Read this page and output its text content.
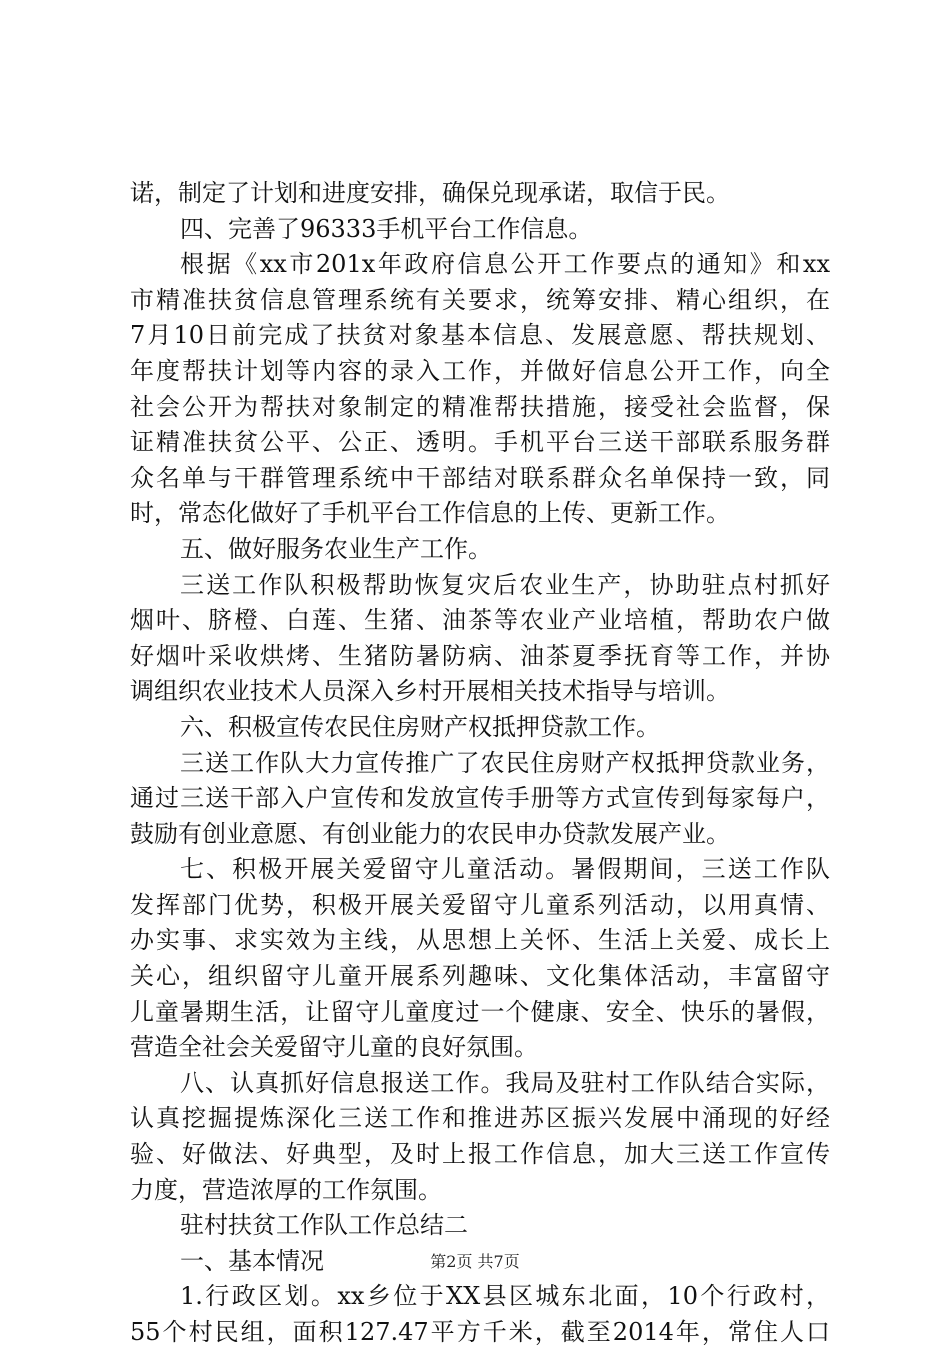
诺，制定了计划和进度安排，确保兑现承诺，取信于民。
四、完善了96333手机平台工作信息。
根据《xx市201x年政府信息公开工作要点的通知》和xx
市精准扶贫信息管理系统有关要求，统筹安排、精心组织，在
7月10日前完成了扶贫对象基本信息、发展意愿、帮扶规划、
年度帮扶计划等内容的录入工作，并做好信息公开工作，向全
社会公开为帮扶对象制定的精准帮扶措施，接受社会监督，保
证精准扶贫公平、公正、透明。手机平台三送干部联系服务群
众名单与干群管理系统中干部结对联系群众名单保持一致，同
时，常态化做好了手机平台工作信息的上传、更新工作。
五、做好服务农业生产工作。
三送工作队积极帮助恢复灾后农业生产，协助驻点村抓好
烟叶、脐橙、白莲、生猪、油茶等农业产业培植，帮助农户做
好烟叶采收烘烤、生猪防暑防病、油茶夏季抚育等工作，并协
调组织农业技术人员深入乡村开展相关技术指导与培训。
六、积极宣传农民住房财产权抵押贷款工作。
三送工作队大力宣传推广了农民住房财产权抵押贷款业务，
通过三送干部入户宣传和发放宣传手册等方式宣传到每家每户，
鼓励有创业意愿、有创业能力的农民申办贷款发展产业。
七、积极开展关爱留守儿童活动。暑假期间，三送工作队
发挥部门优势，积极开展关爱留守儿童系列活动，以用真情、
办实事、求实效为主线，从思想上关怀、生活上关爱、成长上
关心，组织留守儿童开展系列趣味、文化集体活动，丰富留守
儿童暑期生活，让留守儿童度过一个健康、安全、快乐的暑假，
营造全社会关爱留守儿童的良好氛围。
八、认真抓好信息报送工作。我局及驻村工作队结合实际，
认真挖掘提炼深化三送工作和推进苏区振兴发展中涌现的好经
验、好做法、好典型，及时上报工作信息，加大三送工作宣传
力度，营造浓厚的工作氛围。
驻村扶贫工作队工作总结二
一、基本情况
1.行政区划。xx乡位于XX县区城东北面，10个行政村，
55个村民组，面积127.47平方千米，截至2014年，常住人口
第2页 共7页
